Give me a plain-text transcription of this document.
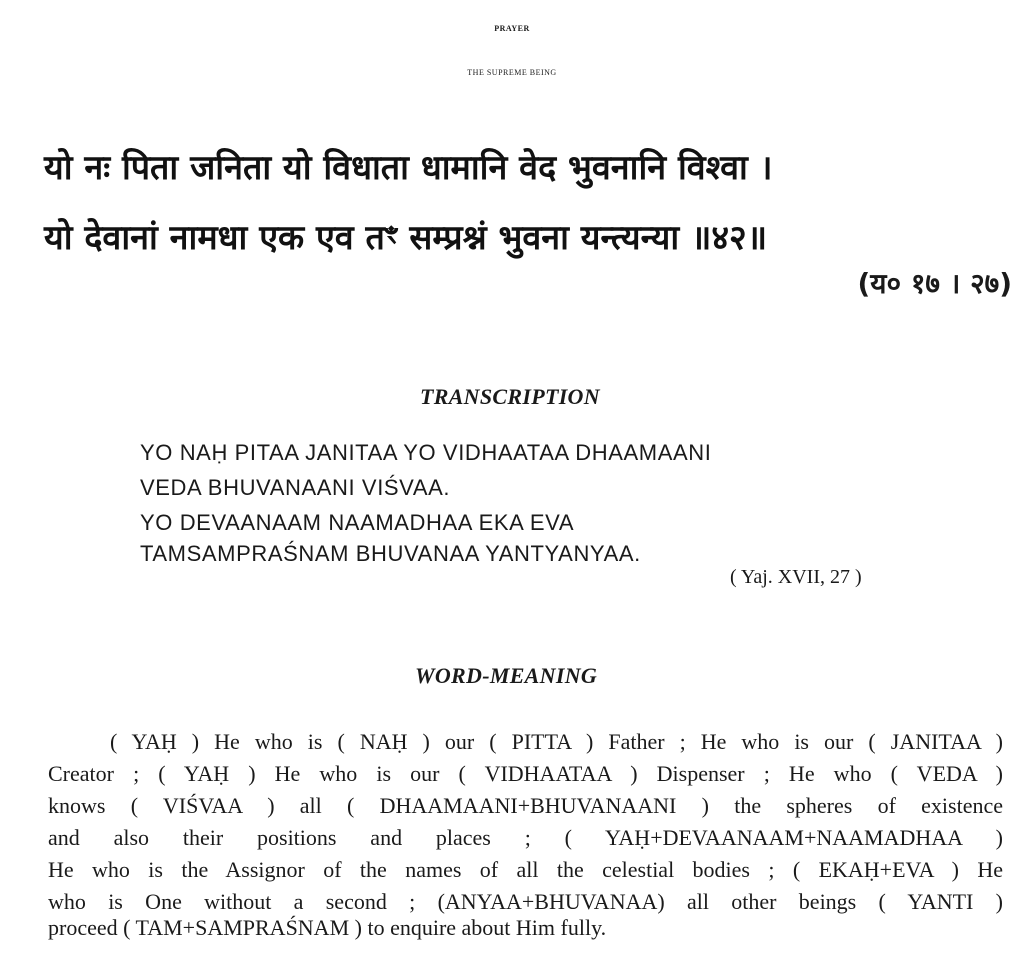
PRAYER

THE SUPREME BEING

यो नः पिता जनिता यो विधाता धामानि वेद भुवनानि विश्वा ।

यो देवानां नामधा एक एव तꣳ सम्प्रश्नं भुवना यन्त्यन्या ॥४२॥

(य० १७ । २७)

TRANSCRIPTION

YO NAḤ PITAA JANITAA YO VIDHAATAA DHAAMAANI

VEDA BHUVANAANI VIŚVAA.

YO DEVAANAAM NAAMADHAA EKA EVA

TAMSAMPRAŚNAM BHUVANAA YANTYANYAA.

( Yaj. XVII, 27 )

WORD-MEANING

( YAḤ ) He who is ( NAḤ ) our ( PITTA ) Father ; He who is our ( JANITAA )

Creator ; ( YAḤ ) He who is our ( VIDHAATAA ) Dispenser ; He who ( VEDA )

knows ( VIŚVAA ) all ( DHAAMAANI+BHUVANAANI ) the spheres of existence

and also their positions and places ; ( YAḤ+DEVAANAAM+NAAMADHAA )

He who is the Assignor of the names of all the celestial bodies ; ( EKAḤ+EVA ) He

who is One without a second ; (ANYAA+BHUVANAA) all other beings ( YANTI )

proceed ( TAM+SAMPRAŚNAM ) to enquire about Him fully.
